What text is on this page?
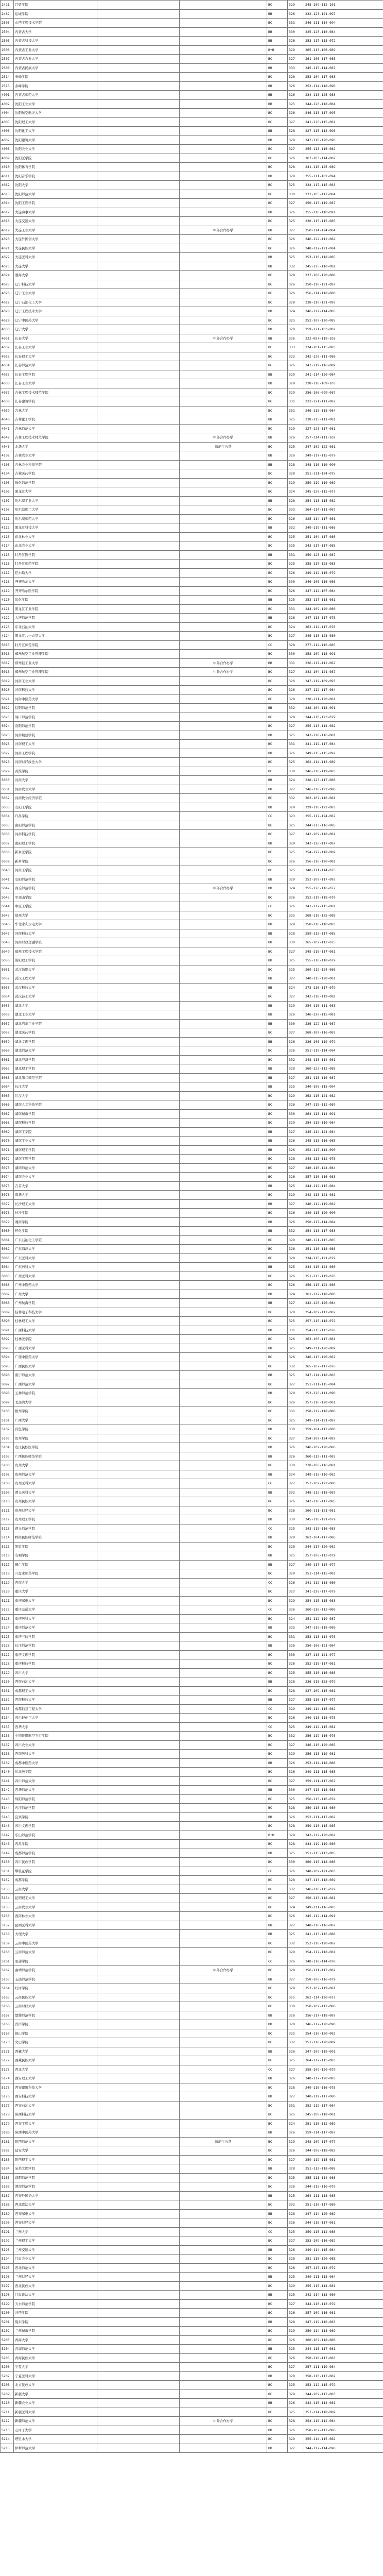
2421	吕梁学院			BC	329	248-109-112-101
2462	运城学院			BB	326	232-123-121-097
2503	山西工程技术学院			BC	331	246-111-114-094
2504	内蒙古大学			BB	330	225-120-110-084
2505	内蒙古科技大学			BB	326	253-117-113-072
2506	内蒙古工业大学			B+B	329	265-113-106-089
2507	内蒙古农业大学			BC	327	261-106-117-085
2508	内蒙古民族大学			BB	333	245-115-114-087
2514	赤峰学院			BC	328	253-104-117-083
2515	赤峰学院			BB	326	252-114-118-096
4001	内蒙古师范大学			BB	326	234-113-125-083
4002	沈阳工业大学			BB	325	244-120-118-084
4004	沈阳航空航天大学			BC	326	246-113-117-095
4005	沈阳理工大学			BC	327	241-120-115-081
4006	沈阳化工大学			BB	328	227-115-113-098
4007	沈阳建筑大学			BB	329	247-116-120-090
4008	沈阳农业大学			BC	327	255-113-116-082
4009	沈阳医学院			BC	326	267-103-114-082
4010	沈阳体育学院			BC	328	241-116-125-089
4011	沈阳音乐学院			BB	329	255-111-102-094
4012	沈阳大学			BC	325	234-117-115-083
4013	沈阳师范大学			BC	330	237-105-117-084
4014	沈阳工程学院			BC	327	250-113-119-087
4017	大连海事大学			BB	326	255-110-110-091
4018	大连交通大学			BC	325	230-115-115-085
4019	大连工业大学		中外合作办学	BB	327	250-114-124-084
4020	大连外国语大学			BC	326	246-122-112-082
4021	大连民族大学			BC	326	248-117-121-084
4022	大连医科大学			BB	325	253-110-118-085
4023	大连大学			BB	332	245-125-110-082
4024	渤海大学			BC	328	237-108-120-088
4025	辽宁科技大学			BC	326	250-110-121-087
4026	辽宁工业大学			BC	326	256-114-118-080
4027	辽宁石油化工大学			BC	328	238-110-121-093
4028	辽宁工程技术大学			BB	324	246-112-114-085
4029	辽宁中医药大学			BC	325	252-109-120-085
4030	辽宁大学			BB	328	259-121-103-082
4031	长春大学		中外合作办学	BB	326	222-087-119-103
4032	长春工业大学			BC	333	234-101-115-083
4033	长春理工大学			BC	323	242-120-111-086
4034	长春师范大学			BC	326	247-119-116-089
4035	长春工程学院			BB	329	241-114-120-084
4036	长春工业大学			BB	329	238-118-109-103
4037	吉林工程技术师范学院			BC	329	256-106-099-087
4038	长春建筑学院			BC	331	233-121-111-087
4039	吉林大学			BC	331	246-118-118-084
4040	吉林化工学院			BB	325	238-115-111-081
4041	吉林师范大学			BC	329	227-128-117-081
4042	吉林工程技术师范学院		中外合作办学	BB	326	257-114-111-102
4046	北华大学		师范生公费	BC	325	247-102-122-081
4102	吉林农业大学			BB	326	249-117-115-079
4103	吉林农业科技学院			BB	328	248-116-110-090
4104	吉林医药学院			BC	328	251-111-124-075
4105	通化师范学院			BC	329	259-119-110-089
4106	黑龙江大学			BC	324	245-120-115-077
4107	哈尔滨工业大学			BB	328	254-113-115-082
4108	哈尔滨理工大学			BC	333	264-114-111-087
4111	哈尔滨师范大学			BC	326	225-114-117-081
4112	黑龙江科技大学			BB	332	249-119-111-086
4113	东北林业大学			BC	325	251-104-117-086
4114	东北农业大学			BC	325	243-117-117-085
4115	牡丹江医学院			BB	331	259-120-113-087
4116	牡丹江师范学院			BC	325	258-117-123-083
4117	佳木斯大学			BC	326	249-112-116-079
4118	齐齐哈尔大学			BC	330	246-108-116-086
4119	齐齐哈尔医学院			BC	326	247-112-107-084
4120	绥化学院			BB	325	253-117-118-081
4121	黑龙江工业学院			BC	331	244-109-120-080
4122	大庆师范学院			BB	326	247-113-117-078
4123	东北石油大学			BC	324	262-112-117-078
4124	黑龙江八一农垦大学			BC	327	246-110-123-080
5015	牡丹江师范学院			CC	328	277-112-116-085
5016	郑州航空工业管理学院			BC	330	258-109-113-091
5017	郑州轻工业大学		中外合作办学	BB	331	236-117-112-087
5018	郑州航空工业管理学院		中外合作办学	BC	327	242-104-121-087
5019	河南工业大学			BC	326	247-119-109-093
5020	河南科技大学			BC	326	237-112-117-084
5021	河南中医药大学			BC	328	230-111-120-081
5022	信阳师范学院			BB	332	248-104-118-091
5023	周口师范学院			BC	328	244-110-123-079
5024	洛阳师范学院			BC	327	255-113-114-082
5025	河南城建学院			BB	325	243-118-116-081
5026	河南理工大学			BC	331	241-119-117-084
5027	河南工程学院			BB	326	249-115-115-092
5028	河南财经政法大学			BC	325	262-114-113-089
5029	黄淮学院			BC	330	246-110-119-083
5030	河南大学			BB	324	238-123-117-086
5031	河南农业大学			BB	327	246-118-122-080
5032	河南牧业经济学院			BC	332	263-107-116-081
5033	安阳工学院			BB	329	229-110-122-083
5034	许昌学院			CC	323	255-117-124-087
5035	南阳师范学院			BC	325	244-113-116-085
5036	河南科技学院			BC	327	242-109-118-081
5037	南阳理工学院			BB	329	243-120-117-087
5038	新乡医学院			BC	325	254-122-118-089
5039	新乡学院			BC	326	256-116-120-082
5040	河南工学院			BC	325	248-111-114-075
5041	安阳师范学院			BB	329	252-109-117-093
5042	商丘师范学院		中外合作办学	BB	324	255-120-116-077
5043	平顶山学院			BC	326	252-119-118-079
5044	中原工学院			CC	326	241-117-115-081
5045	郑州大学			BC	325	268-118-125-088
5046	华北水利水电大学			BB	329	258-110-110-083
5047	河南科技大学			BB	328	259-113-117-085
5048	河南财政金融学院			BB	330	265-109-112-075
5049	郑州工程技术学院			BC	327	245-118-117-081
5050	洛阳理工学院			BB	325	255-118-118-079
5051	武汉纺织大学			BC	325	269-112-124-086
5052	武汉工程大学			BB	327	240-115-120-081
5053	武汉科技大学			BB	324	273-116-117-079
5054	武汉轻工大学			BC	327	242-118-119-082
5055	湖北大学			BB	329	254-110-111-083
5056	湖北工业大学			BB	326	246-120-115-081
5057	湖北汽车工业学院			BB	330	236-122-118-087
5058	湖北医药学院			BC	327	268-109-116-083
5059	湖北文理学院			BB	326	236-108-119-079
5060	湖北师范大学			BC	326	251-119-114-094
5061	湖北经济学院			BC	332	248-115-114-081
5062	湖北理工学院			BB	328	260-122-113-088
5063	湖北第二师范学院			BB	327	251-113-110-087
5064	长江大学			BB	325	240-108-115-094
5065	江汉大学			BC	329	262-116-121-082
5066	湖南人文科技学院			BC	326	247-115-112-089
5067	湖南城市学院			BC	330	264-113-114-091
5068	湖南科技学院			BC	329	254-118-110-084
5069	湖南工学院			BB	327	245-114-124-084
5070	湖南工业大学			BB	326	245-115-116-085
5071	湖南理工学院			BB	326	252-117-114-090
5072	湖南工程学院			BC	328	248-113-112-078
5073	湖南师范大学			BC	327	240-116-124-084
5074	湖南农业大学			BC	326	257-110-116-083
5075	吉首大学			BB	325	244-112-115-084
5076	南华大学			BC	329	242-113-121-081
5077	长沙理工大学			BB	327	240-112-119-082
5078	长沙学院			BC	326	240-115-120-090
5079	湘南学院			BB	326	250-117-114-084
5080	怀化学院			BB	332	254-113-117-083
5081	广东石油化工学院			BC	329	240-121-115-085
5082	广东海洋大学			BC	326	251-110-118-088
5083	广东医科大学			BC	328	234-115-121-079
5084	广东药科大学			BB	325	244-116-124-080
5085	广州医科大学			BC	326	251-113-119-076
5086	广州中医药大学			BC	326	256-115-122-086
5087	广州大学			BB	324	261-117-118-080
5088	广州航海学院			BB	327	242-120-120-084
5089	桂林电子科技大学			BC	328	254-109-112-087
5090	桂林理工大学			BC	325	257-115-118-079
5091	广西科技大学			BB	331	254-115-113-078
5092	桂林医学院			BC	326	263-106-117-081
5093	广西医科大学			BB	325	249-111-120-089
5094	广西中医药大学			BC	326	246-113-120-087
5095	广西民族大学			BC	332	265-107-117-076
5096	南宁师范大学			BB	325	247-114-118-083
5097	广西师范大学			BC	327	251-111-115-084
5098	玉林师范学院			BB	329	253-120-111-090
5099	北部湾大学			BC	326	257-116-120-081
5100	梧州学院			BC	331	258-112-118-086
5101	广西大学			BC	325	249-114-121-087
5102	百色学院			BB	330	259-104-117-080
5103	贺州学院			BC	327	254-109-124-087
5104	右江民族医学院			BB	326	246-109-120-086
5105	广西民族师范学院			BB	326	260-112-111-083
5106	贵州大学			BC	330	270-108-116-081
5107	贵州师范大学			BB	324	249-115-110-082
5108	贵州医科大学			CC	327	257-109-122-080
5109	遵义医科大学			BB	332	248-112-118-087
5110	贵州民族大学			BC	326	242-110-117-085
5111	贵州财经大学			BC	326	260-111-121-081
5112	贵州理工学院			BB	330	245-110-121-079
5113	遵义师范学院			CC	325	243-113-116-083
5114	黔南民族师范学院			BB	329	262-104-117-086
5115	凯里学院			BC	328	244-117-120-082
5116	安顺学院			BB	325	257-108-113-079
5117	铜仁学院			BB	327	249-117-114-077
5118	六盘水师范学院			BC	329	251-114-115-082
5119	西南大学			CC	326	241-112-118-080
5120	重庆大学			BC	327	241-120-117-079
5121	重庆邮电大学			BC	329	254-115-115-083
5122	重庆交通大学			CC	326	260-116-113-080
5123	重庆医科大学			BC	324	251-112-119-087
5124	重庆师范大学			BB	325	247-115-118-080
5125	重庆三峡学院			BC	331	253-113-114-078
5126	长江师范学院			BB	326	250-106-121-084
5127	重庆文理学院			BC	330	237-113-121-077
5128	重庆科技学院			BC	326	252-118-117-081
5129	四川大学			BC	325	255-110-116-088
5130	西南石油大学			BB	328	236-115-123-079
5131	成都理工大学			BC	328	237-109-115-081
5132	西南科技大学			BB	327	255-116-117-077
5133	成都信息工程大学			CC	329	249-114-115-082
5134	四川轻化工大学			BC	326	240-113-118-078
5135	西华大学			CC	325	249-112-115-081
5136	中国民用航空飞行学院			BC	332	256-119-116-076
5137	四川农业大学			BC	327	246-110-120-085
5138	西南医科大学			BC	329	256-113-119-081
5139	成都中医药大学			BB	326	253-114-118-088
5140	川北医学院			BC	326	249-111-115-085
5141	四川师范大学			BC	327	259-111-117-087
5142	西华师范大学			BB	330	247-118-118-088
5143	绵阳师范学院			BC	325	256-113-116-079
5144	内江师范学院			BC	328	250-118-118-080
5145	宜宾学院			BB	326	252-111-117-082
5146	四川文理学院			BC	328	259-110-115-085
5147	乐山师范学院			B+B	329	243-112-120-082
5148	西昌学院			BC	328	244-119-119-080
5149	成都师范学院			BB	325	251-115-113-085
5150	四川民族学院			BC	330	260-115-118-086
5151	攀枝花学院			CC	326	248-109-121-083
5152	成都学院			BC	328	247-113-118-089
5153	云南大学			BC	332	246-110-115-079
5154	昆明理工大学			BC	327	250-113-118-081
5155	云南农业大学			BC	324	249-111-116-083
5156	西南林业大学			BC	326	245-112-114-091
5157	昆明医科大学			BB	327	248-110-116-087
5158	大理大学			BB	325	241-113-115-088
5159	云南中医药大学			BC	332	252-110-120-087
5160	云南师范大学			BC	329	254-117-118-081
5161	昭通学院			CC	326	248-118-114-078
5162	曲靖师范学院		中外合作办学	BC	328	256-111-117-082
5163	玉溪师范学院			BB	327	258-108-116-079
5164	红河学院			BC	329	252-107-119-081
5165	云南民族大学			BC	325	262-114-120-077
5166	云南财经大学			BC	330	250-109-112-086
5167	楚雄师范学院			BB	326	256-117-118-087
5168	普洱学院			BB	328	246-117-120-090
5169	保山学院			BC	325	254-116-120-082
5170	文山学院			BC	332	251-118-120-089
5171	西藏大学			BB	326	247-109-119-091
5172	西藏民族大学			BC	325	264-117-115-083
5173	西北大学			CC	327	258-109-120-079
5174	西安理工大学			BB	326	248-117-120-083
5175	西安建筑科技大学			BC	328	249-116-116-078
5176	西安科技大学			BB	327	240-119-117-080
5177	西安石油大学			BC	331	252-112-117-084
5178	陕西科技大学			BC	325	245-108-118-081
5179	西安工程大学			BC	324	251-110-112-089
5180	陕西中医药大学			BB	326	259-114-117-087
5181	陕西师范大学		师范生公费	BC	329	248-109-117-077
5182	延安大学			BC	326	244-108-118-082
5183	陕西理工大学			BC	327	259-119-115-081
5184	宝鸡文理学院			BB	328	251-112-118-088
5185	咸阳师范学院			BC	325	255-111-114-086
5186	渭南师范学院			BC	326	244-115-110-079
5187	西安外国语大学			BB	325	264-111-118-085
5188	西北政法大学			BC	332	251-110-117-080
5189	西安邮电大学			BB	328	247-114-120-089
5190	西安财经大学			BC	326	244-116-117-081
5191	兰州大学			CC	325	259-115-112-086
5192	兰州理工大学			BC	327	253-109-116-082
5193	兰州交通大学			BB	326	249-114-115-084
5194	甘肃农业大学			BC	328	251-110-120-085
5195	西北师范大学			BC	326	257-117-113-079
5196	兰州财经大学			BB	325	240-111-113-084
5197	西北民族大学			BC	329	255-115-114-081
5198	甘肃政法大学			BB	325	242-114-113-080
5199	天水师范学院			BC	327	244-110-113-079
5200	河西学院			BC	326	257-109-116-081
5201	陇东学院			BB	328	247-119-116-083
5202	兰州城市学院			BC	329	250-114-118-089
5203	青海大学			BC	326	260-107-118-086
5204	青海师范大学			BB	325	244-116-117-081
5205	青海民族大学			BC	326	250-118-117-083
5206	宁夏大学			BC	327	257-111-119-084
5207	宁夏医科大学			BB	328	258-110-117-082
5208	北方民族大学			BC	325	253-112-115-079
5209	新疆大学			BC	329	244-109-117-083
5210	新疆农业大学			BB	326	242-116-114-081
5211	新疆医科大学			BC	325	257-114-118-089
5212	新疆师范大学		中外合作办学	BC	328	254-118-112-084
5213	石河子大学			BB	326	258-107-117-086
5214	塔里木大学			BC	329	255-114-115-082
5215	伊犁师范大学			BB	327	244-117-114-090
